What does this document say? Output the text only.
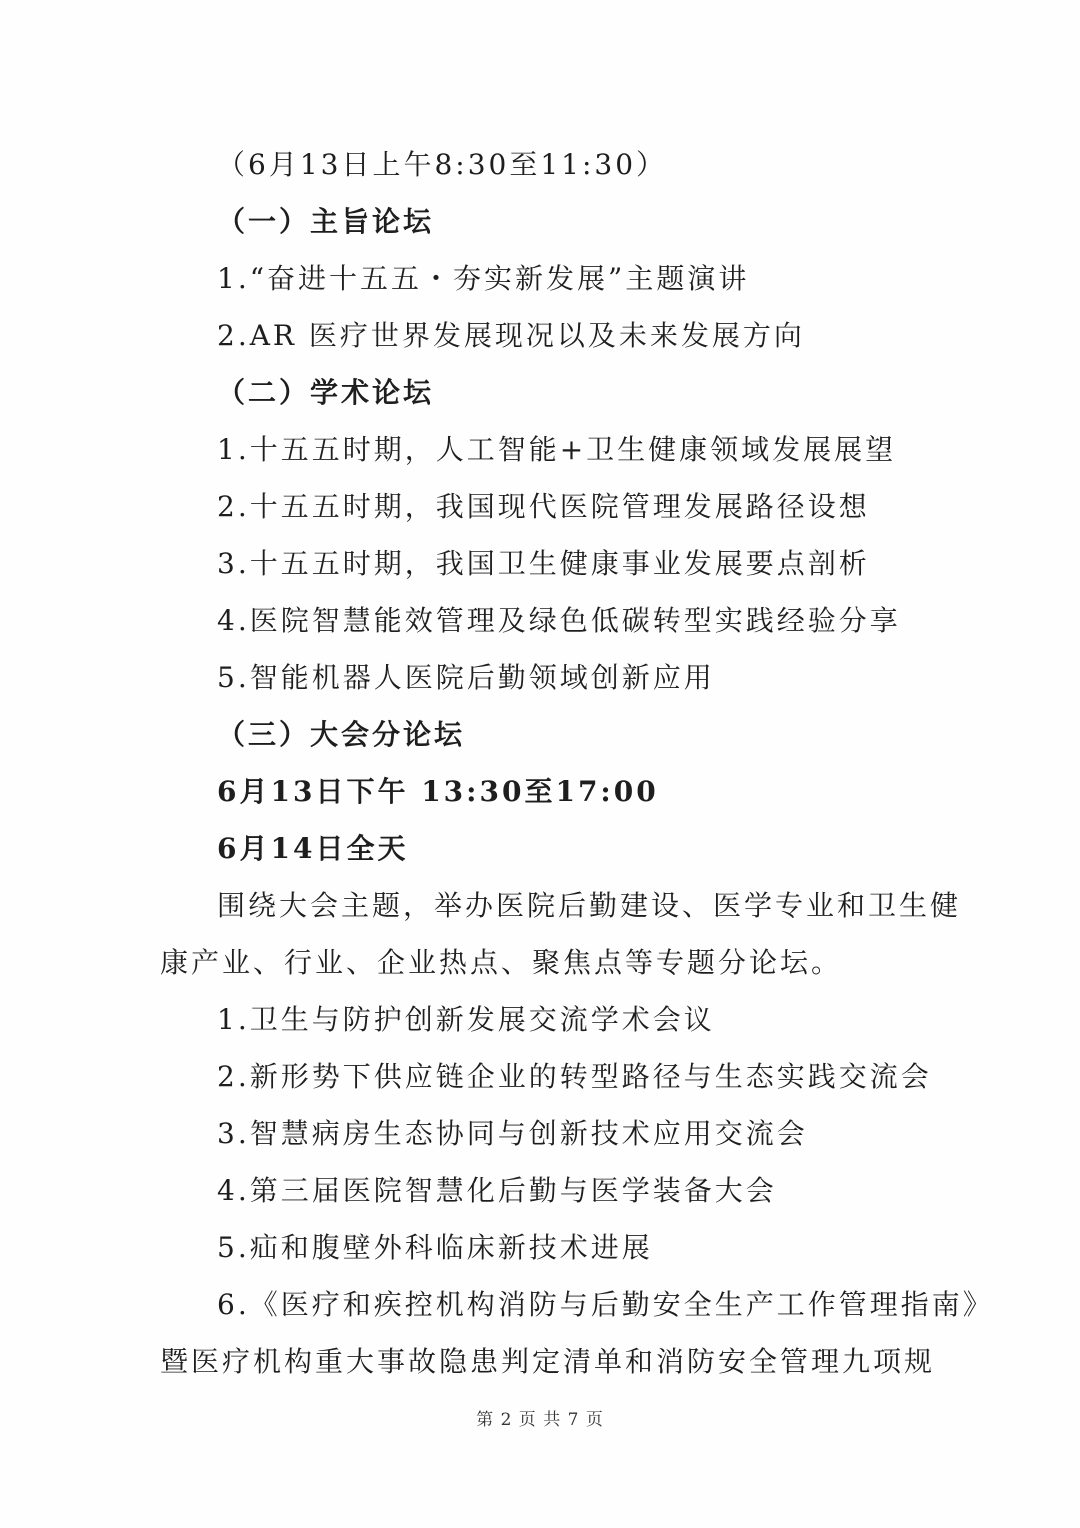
（6月13日上午8:30至11:30）
（一）主旨论坛
1.“奋进十五五・夯实新发展”主题演讲
2.AR 医疗世界发展现况以及未来发展方向
（二）学术论坛
1.十五五时期，人工智能+卫生健康领域发展展望
2.十五五时期，我国现代医院管理发展路径设想
3.十五五时期，我国卫生健康事业发展要点剖析
4.医院智慧能效管理及绿色低碳转型实践经验分享
5.智能机器人医院后勤领域创新应用
（三）大会分论坛
6月13日下午 13:30至17:00
6月14日全天
围绕大会主题，举办医院后勤建设、医学专业和卫生健
康产业、行业、企业热点、聚焦点等专题分论坛。
1.卫生与防护创新发展交流学术会议
2.新形势下供应链企业的转型路径与生态实践交流会
3.智慧病房生态协同与创新技术应用交流会
4.第三届医院智慧化后勤与医学装备大会
5.疝和腹壁外科临床新技术进展
6.《医疗和疾控机构消防与后勤安全生产工作管理指南》
暨医疗机构重大事故隐患判定清单和消防安全管理九项规
第 2 页 共 7 页
